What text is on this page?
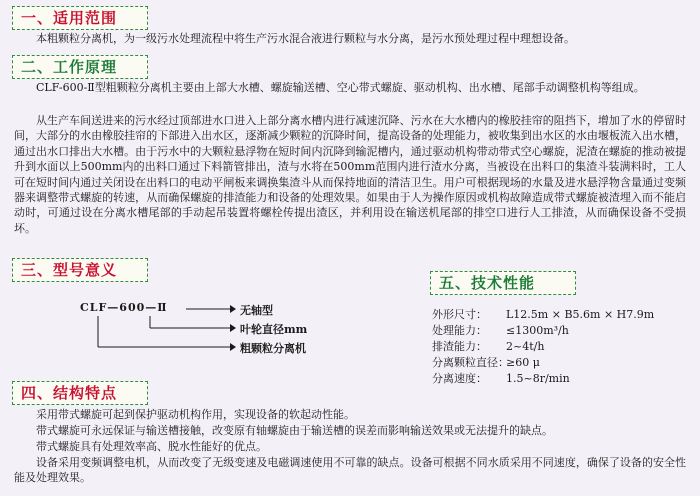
一、适用范围
本粗颗粒分离机，为一级污水处理流程中将生产污水混合液进行颗粒与水分离，是污水预处理过程中理想设备。
二、工作原理
CLF-600-Ⅱ型粗颗粒分离机主要由上部大水槽、螺旋输送槽、空心带式螺旋、驱动机构、出水槽、尾部手动调整机构等组成。
从生产车间送进来的污水经过顶部进水口进入上部分离水槽内进行减速沉降、污水在大水槽内的橡胶挂帘的阻挡下，增加了水的停留时间，大部分的水由橡胶挂帘的下部进入出水区，逐渐减少颗粒的沉降时间，提高设备的处理能力，被收集到出水区的水由堰板流入出水槽，通过出水口排出大水槽。由于污水中的大颗粒悬浮物在短时间内沉降到输泥槽内，通过驱动机构带动带式空心螺旋，泥渣在螺旋的推动被提升到水面以上500mm内的出料口通过下料箭管排出，渣与水将在500mm范围内进行渣水分离，当被设在出料口的集渣斗装满料时，工人可在短时间内通过关闭设在出料口的电动平闸板来调换集渣斗从而保持地面的清洁卫生。用户可根据现场的水量及进水悬浮物含量通过变频器来调整带式螺旋的转速，从而确保螺旋的排渣能力和设备的处理效果。如果由于人为操作原因或机构故障造成带式螺旋被渣埋入而不能启动时，可通过设在分离水槽尾部的手动起吊装置将螺栓传提出渣区，并利用设在输送机尾部的排空口进行人工排渣，从而确保设备不受损坏。
三、型号意义
CLF—600—Ⅱ	无轴型
叶轮直径mm
粗颗粒分离机
五、技术性能
外形尺寸： L12.5m × B5.6m × H7.9m
处理能力： ≤1300m³/h
排渣能力： 2~4t/h
分离颗粒直径：≥60 μ
分离速度： 1.5~8r/min
四、结构特点
采用带式螺旋可起到保护驱动机构作用，实现设备的软起动性能。
带式螺旋可永远保证与输送槽接触，改变原有轴螺旋由于输送槽的误差而影响输送效果或无法提升的缺点。
带式螺旋具有处理效率高、脱水性能好的优点。
设备采用变频调整电机，从而改变了无级变速及电磁调速使用不可靠的缺点。设备可根据不同水质采用不同速度，确保了设备的安全性能及处理效果。
